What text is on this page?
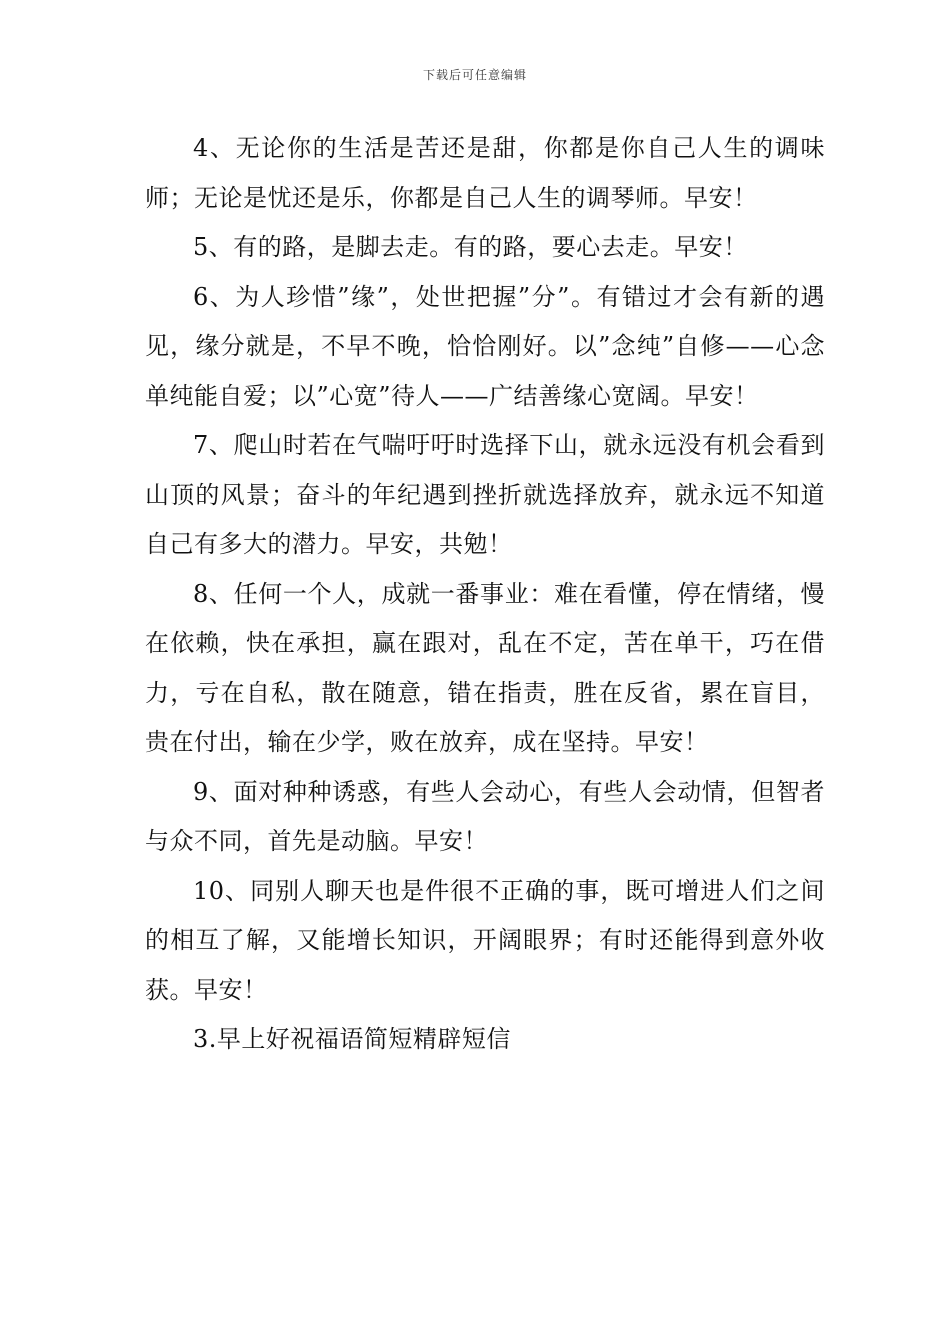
下载后可任意编辑

4、无论你的生活是苦还是甜，你都是你自己人生的调味师；无论是忧还是乐，你都是自己人生的调琴师。早安！

5、有的路，是脚去走。有的路，要心去走。早安！

6、为人珍惜”缘”，处世把握”分”。有错过才会有新的遇见，缘分就是，不早不晚，恰恰刚好。以”念纯”自修——心念单纯能自爱；以”心宽”待人——广结善缘心宽阔。早安！

7、爬山时若在气喘吁吁时选择下山，就永远没有机会看到山顶的风景；奋斗的年纪遇到挫折就选择放弃，就永远不知道自己有多大的潜力。早安，共勉！

8、任何一个人，成就一番事业：难在看懂，停在情绪，慢在依赖，快在承担，赢在跟对，乱在不定，苦在单干，巧在借力，亏在自私，散在随意，错在指责，胜在反省，累在盲目，贵在付出，输在少学，败在放弃，成在坚持。早安！

9、面对种种诱惑，有些人会动心，有些人会动情，但智者与众不同，首先是动脑。早安！

10、同别人聊天也是件很不正确的事，既可增进人们之间的相互了解，又能增长知识，开阔眼界；有时还能得到意外收获。早安！

3.早上好祝福语简短精辟短信
